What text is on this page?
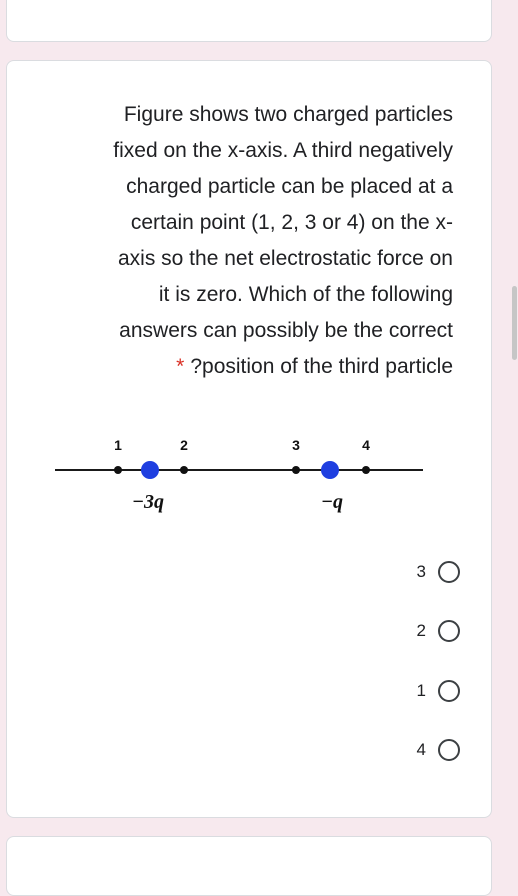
Figure shows two charged particles
fixed on the x-axis. A third negatively
charged particle can be placed at a
certain point (1, 2, 3 or 4) on the x-
axis so the net electrostatic force on
it is zero. Which of the following
answers can possibly be the correct
* ?position of the third particle
1	2	3	4
−3q	−q
3
2
1
4
